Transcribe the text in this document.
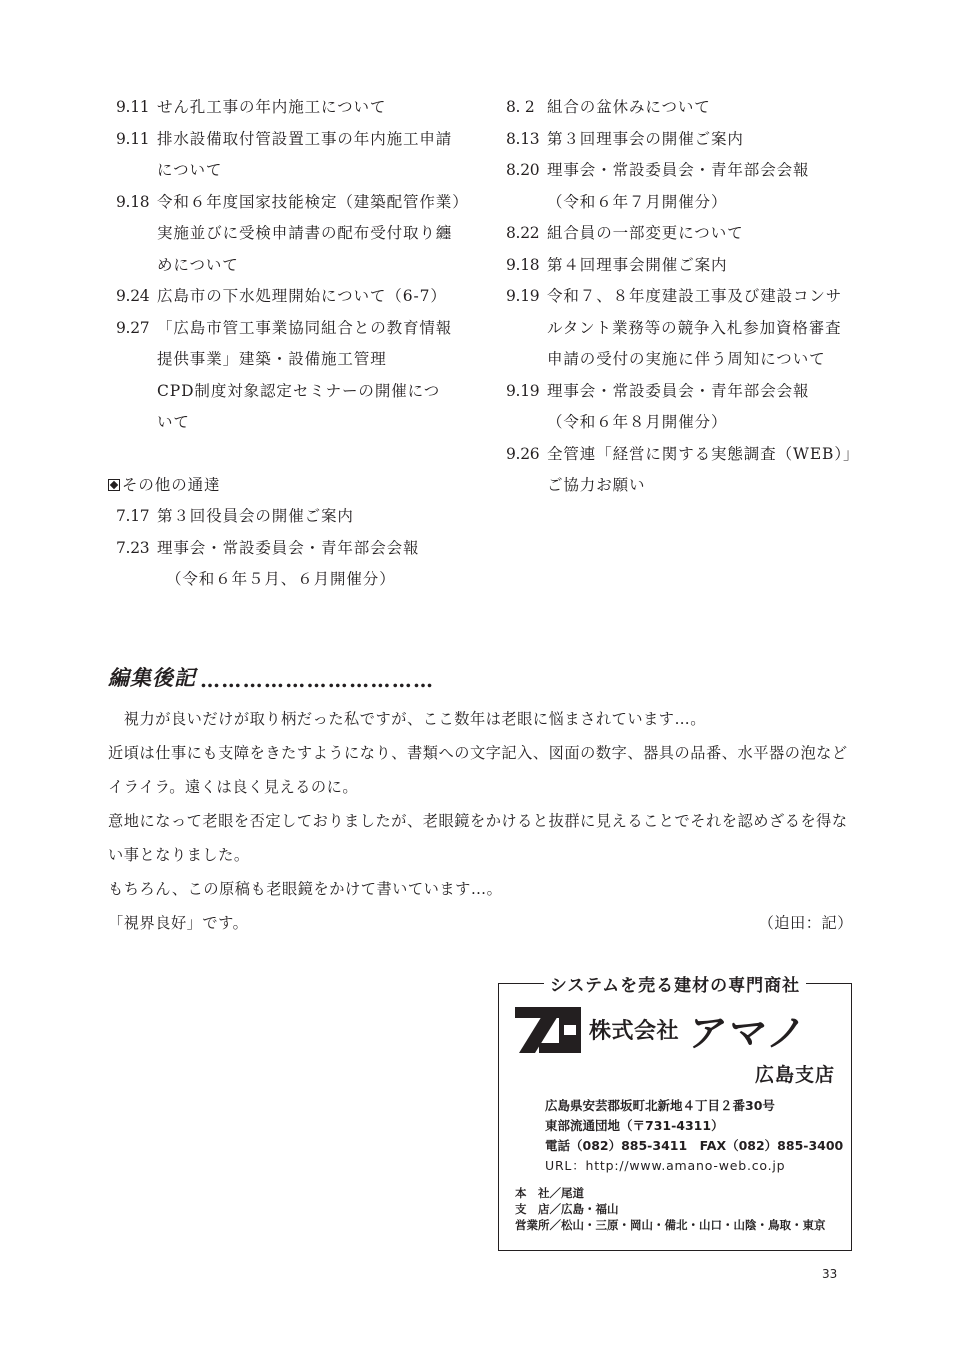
9.11 せん孔工事の年内施工について
9.11 排水設備取付管設置工事の年内施工申請
について
9.18 令和６年度国家技能検定（建築配管作業）
実施並びに受検申請書の配布受付取り纏
めについて
9.24 広島市の下水処理開始について（6-7）
9.27 「広島市管工事業協同組合との教育情報
提供事業」建築・設備施工管理
CPD制度対象認定セミナーの開催につ
いて
その他の通達
7.17 第３回役員会の開催ご案内
7.23 理事会・常設委員会・青年部会会報
（令和６年５月、６月開催分）
8. 2 組合の盆休みについて
8.13 第３回理事会の開催ご案内
8.20 理事会・常設委員会・青年部会会報
（令和６年７月開催分）
8.22 組合員の一部変更について
9.18 第４回理事会開催ご案内
9.19 令和７、８年度建設工事及び建設コンサ
ルタント業務等の競争入札参加資格審査
申請の受付の実施に伴う周知について
9.19 理事会・常設委員会・青年部会会報
（令和６年８月開催分）
9.26 全管連「経営に関する実態調査（WEB）」
ご協力お願い
編集後記 ……………………………

　視力が良いだけが取り柄だった私ですが、ここ数年は老眼に悩まされています…。

近頃は仕事にも支障をきたすようになり、書類への文字記入、図面の数字、器具の品番、水平器の泡などイライラ。遠くは良く見えるのに。

意地になって老眼を否定しておりましたが、老眼鏡をかけると抜群に見えることでそれを認めざるを得ない事となりました。

もちろん、この原稿も老眼鏡をかけて書いています…。

「視界良好」です。	（迫田：記）
システムを売る建材の専門商社
株式会社 アマノ
広島支店
広島県安芸郡坂町北新地４丁目２番30号
東部流通団地（〒731-4311）
電話（082）885-3411　FAX（082）885-3400
URL：http://www.amano-web.co.jp
本　社／尾道
支　店／広島・福山
営業所／松山・三原・岡山・備北・山口・山陰・鳥取・東京
33
